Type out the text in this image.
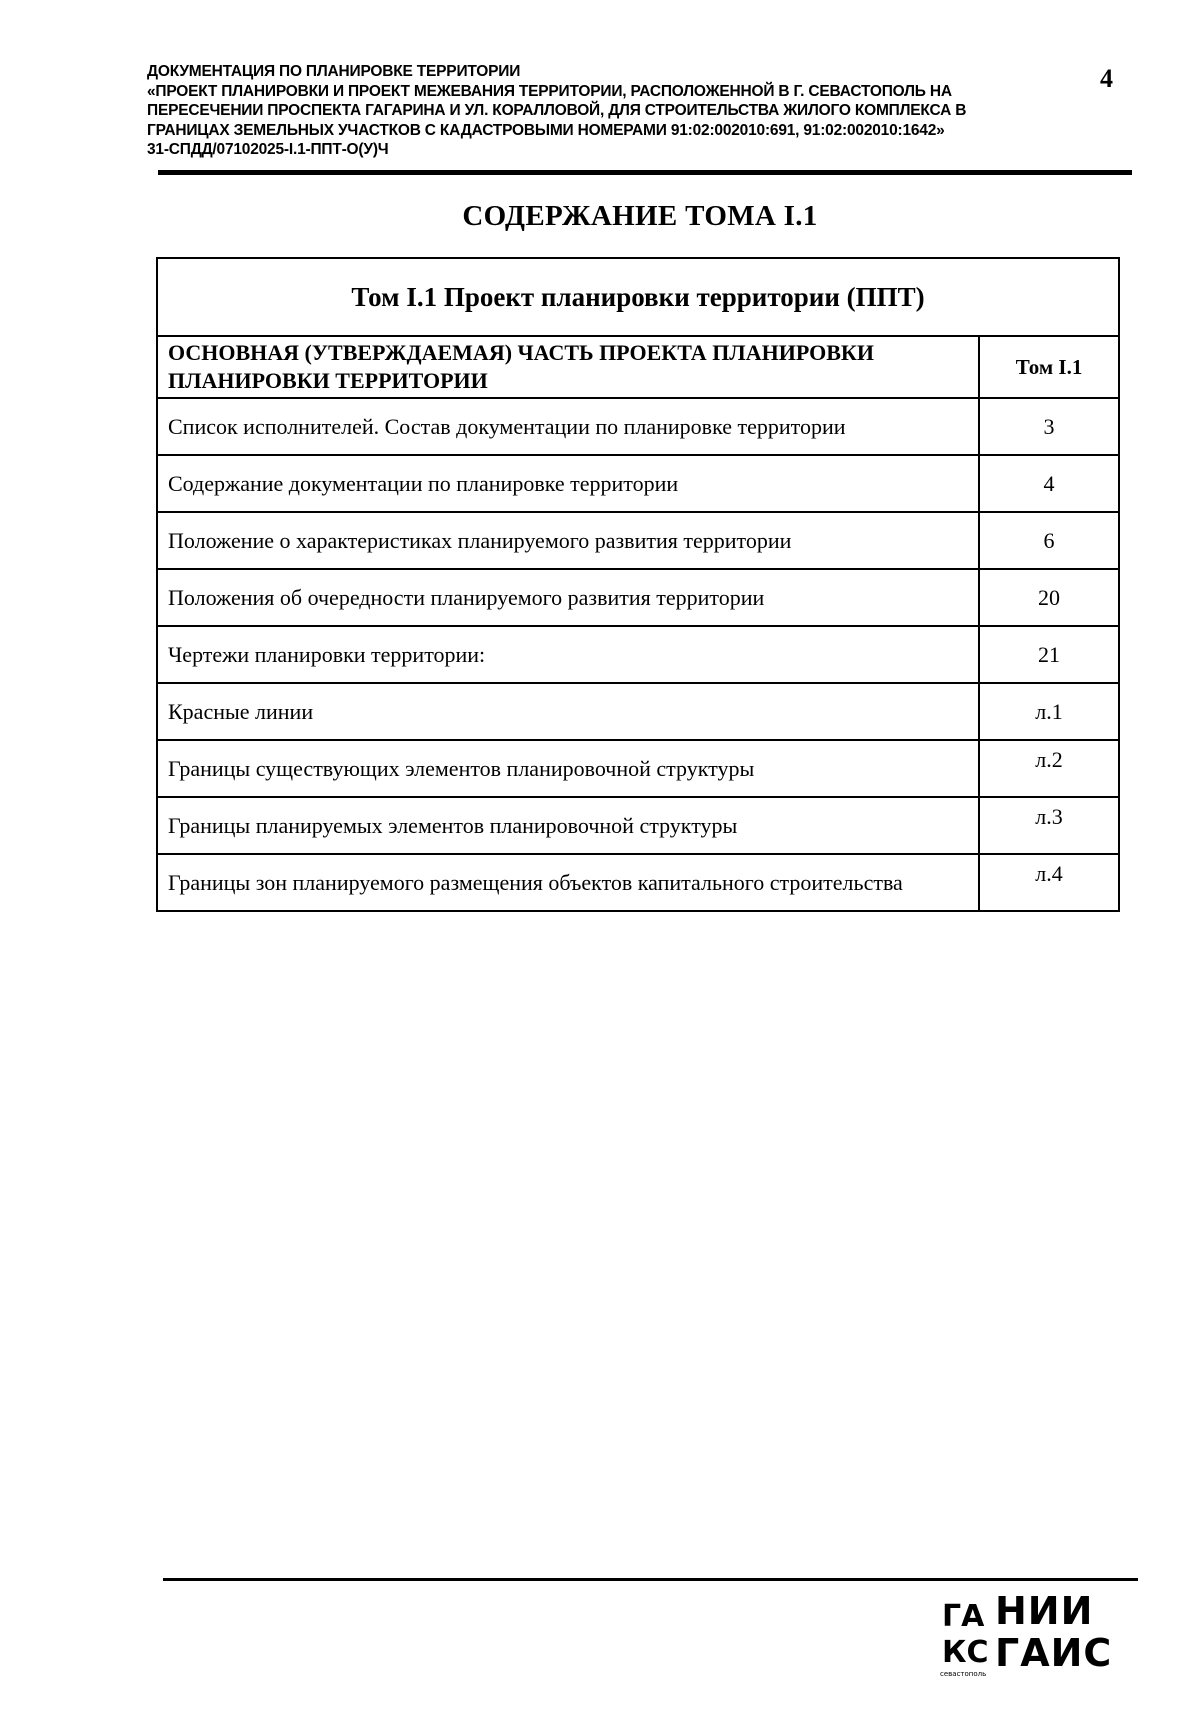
ДОКУМЕНТАЦИЯ ПО ПЛАНИРОВКЕ ТЕРРИТОРИИ
«ПРОЕКТ ПЛАНИРОВКИ И ПРОЕКТ МЕЖЕВАНИЯ ТЕРРИТОРИИ, РАСПОЛОЖЕННОЙ В Г. СЕВАСТОПОЛЬ НА
ПЕРЕСЕЧЕНИИ ПРОСПЕКТА ГАГАРИНА И УЛ. КОРАЛЛОВОЙ, ДЛЯ СТРОИТЕЛЬСТВА ЖИЛОГО КОМПЛЕКСА В
ГРАНИЦАХ ЗЕМЕЛЬНЫХ УЧАСТКОВ С КАДАСТРОВЫМИ НОМЕРАМИ 91:02:002010:691, 91:02:002010:1642»
31-СПДД/07102025-I.1-ППТ-О(У)Ч
4
СОДЕРЖАНИЕ ТОМА I.1
Том I.1 Проект планировки территории (ППТ)	
ОСНОВНАЯ (УТВЕРЖДАЕМАЯ) ЧАСТЬ ПРОЕКТА ПЛАНИРОВКИ
ПЛАНИРОВКИ ТЕРРИТОРИИ	Том I.1
Список исполнителей. Состав документации по планировке территории	3
Содержание документации по планировке территории	4
Положение о характеристиках планируемого развития территории	6
Положения об очередности планируемого развития территории	20
Чертежи планировки территории:	21
Красные линии	л.1
Границы существующих элементов планировочной структуры	л.2
Границы планируемых элементов планировочной структуры	л.3
Границы зон планируемого размещения объектов капитального строительства	л.4
ГА
КС
севастополь
НИИ
ГАИС
